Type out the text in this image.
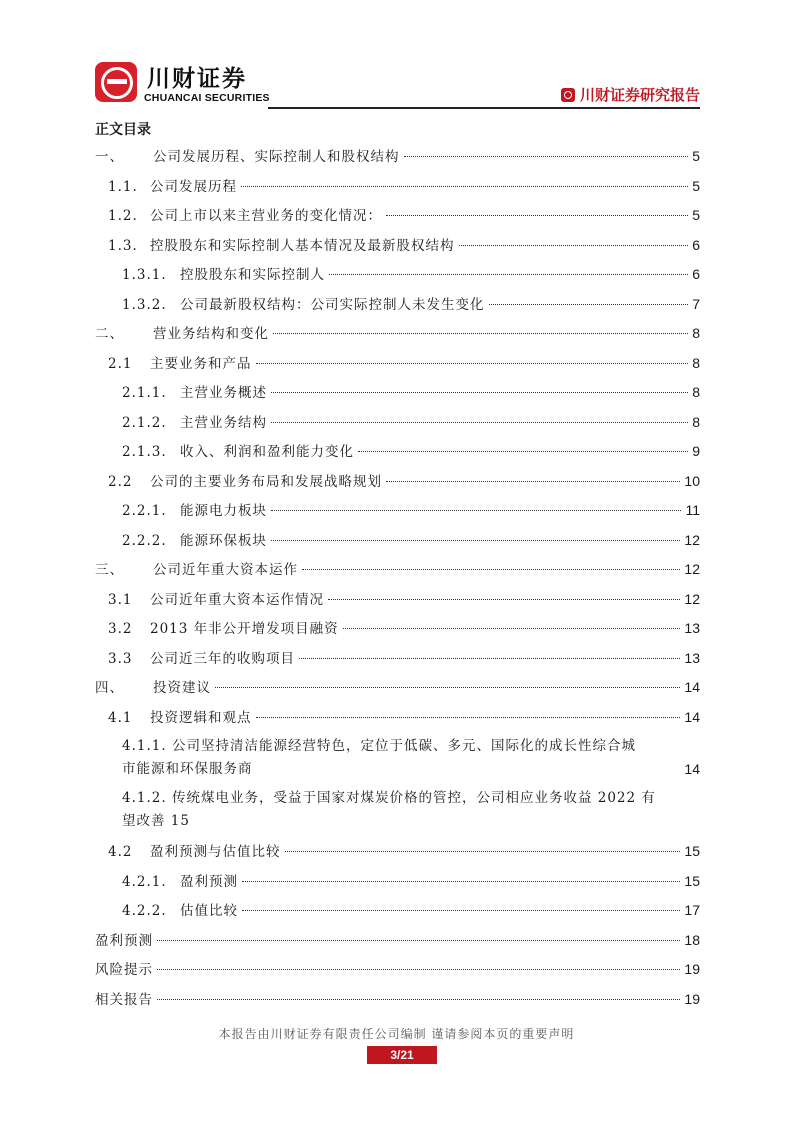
川财证券
CHUANCAI SECURITIES	川财证券研究报告
正文目录
一、	公司发展历程、实际控制人和股权结构	5
1.1. 公司发展历程	5
1.2. 公司上市以来主营业务的变化情况：	5
1.3. 控股股东和实际控制人基本情况及最新股权结构	6
1.3.1. 控股股东和实际控制人	6
1.3.2. 公司最新股权结构：公司实际控制人未发生变化	7
二、	营业务结构和变化	8
2.1	主要业务和产品	8
2.1.1. 主营业务概述	8
2.1.2. 主营业务结构	8
2.1.3. 收入、利润和盈利能力变化	9
2.2	公司的主要业务布局和发展战略规划	10
2.2.1. 能源电力板块	11
2.2.2. 能源环保板块	12
三、	公司近年重大资本运作	12
3.1	公司近年重大资本运作情况	12
3.2	2013 年非公开增发项目融资	13
3.3	公司近三年的收购项目	13
四、	投资建议	14
4.1	投资逻辑和观点	14
4.1.1. 公司坚持清洁能源经营特色，定位于低碳、多元、国际化的成长性综合城
市能源和环保服务商	14
4.1.2. 传统煤电业务，受益于国家对煤炭价格的管控，公司相应业务收益 2022 有
望改善 15
4.2	盈利预测与估值比较	15
4.2.1. 盈利预测	15
4.2.2. 估值比较	17
盈利预测	18
风险提示	19
相关报告	19
本报告由川财证券有限责任公司编制 谨请参阅本页的重要声明
3/21
